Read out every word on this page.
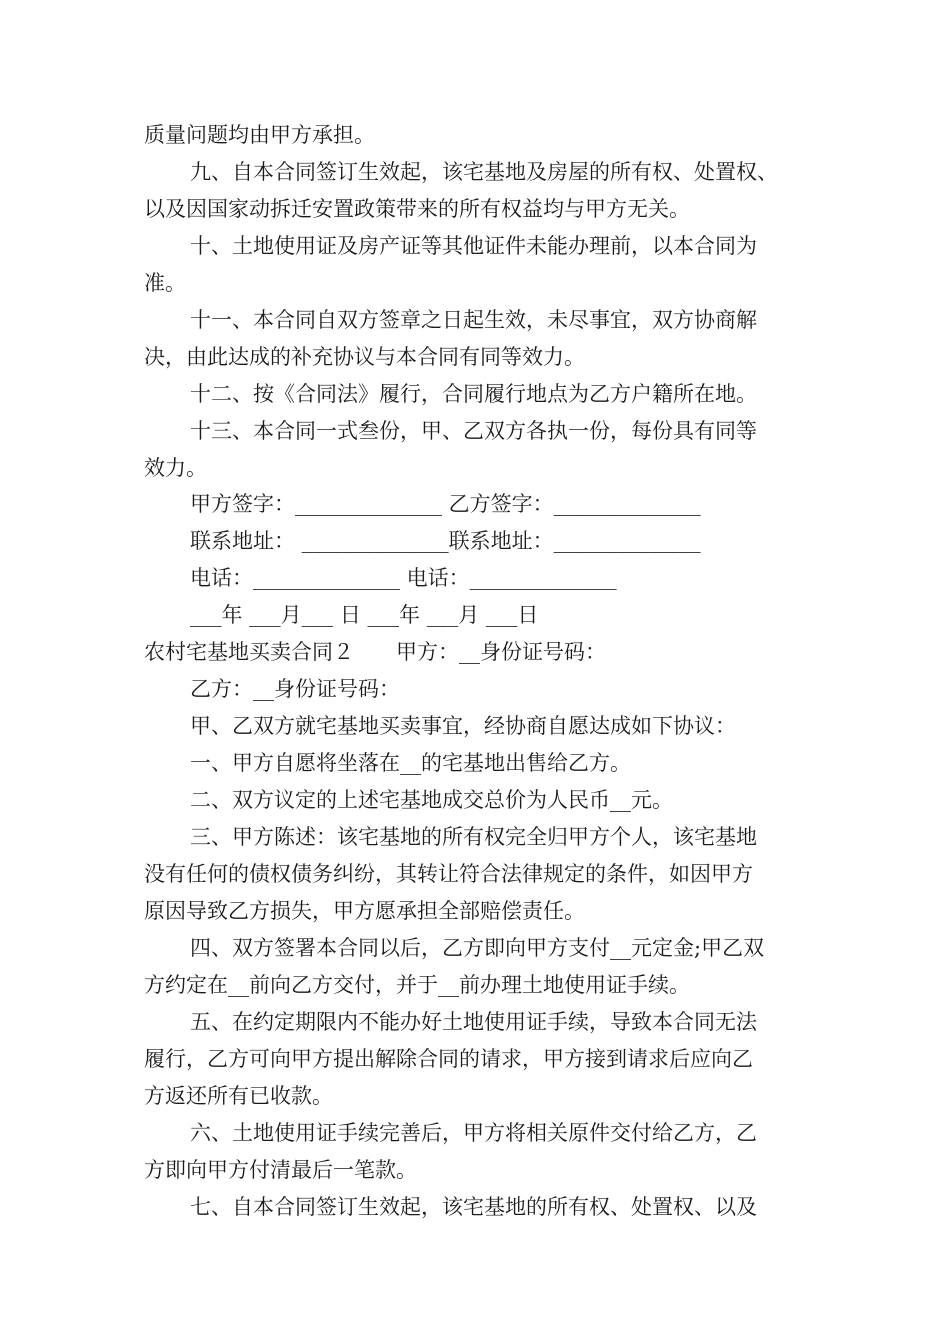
质量问题均由甲方承担。
九、自本合同签订生效起，该宅基地及房屋的所有权、处置权、
以及因国家动拆迁安置政策带来的所有权益均与甲方无关。
十、土地使用证及房产证等其他证件未能办理前，以本合同为
准。
十一、本合同自双方签章之日起生效，未尽事宜，双方协商解
决，由此达成的补充协议与本合同有同等效力。
十二、按《合同法》履行，合同履行地点为乙方户籍所在地。
十三、本合同一式叁份，甲、乙双方各执一份，每份具有同等
效力。
甲方签字：______________ 乙方签字：______________
联系地址： ______________联系地址：______________
电话：______________ 电话：______________
___年 ___月___ 日 ___年 ___月 ___日
农村宅基地买卖合同２　　甲方：__身份证号码：
乙方：__身份证号码：
甲、乙双方就宅基地买卖事宜，经协商自愿达成如下协议：
一、甲方自愿将坐落在__的宅基地出售给乙方。
二、双方议定的上述宅基地成交总价为人民币__元。
三、甲方陈述：该宅基地的所有权完全归甲方个人，该宅基地
没有任何的债权债务纠纷，其转让符合法律规定的条件，如因甲方
原因导致乙方损失，甲方愿承担全部赔偿责任。
四、双方签署本合同以后，乙方即向甲方支付__元定金;甲乙双
方约定在__前向乙方交付，并于__前办理土地使用证手续。
五、在约定期限内不能办好土地使用证手续，导致本合同无法
履行，乙方可向甲方提出解除合同的请求，甲方接到请求后应向乙
方返还所有已收款。
六、土地使用证手续完善后，甲方将相关原件交付给乙方，乙
方即向甲方付清最后一笔款。
七、自本合同签订生效起，该宅基地的所有权、处置权、以及
